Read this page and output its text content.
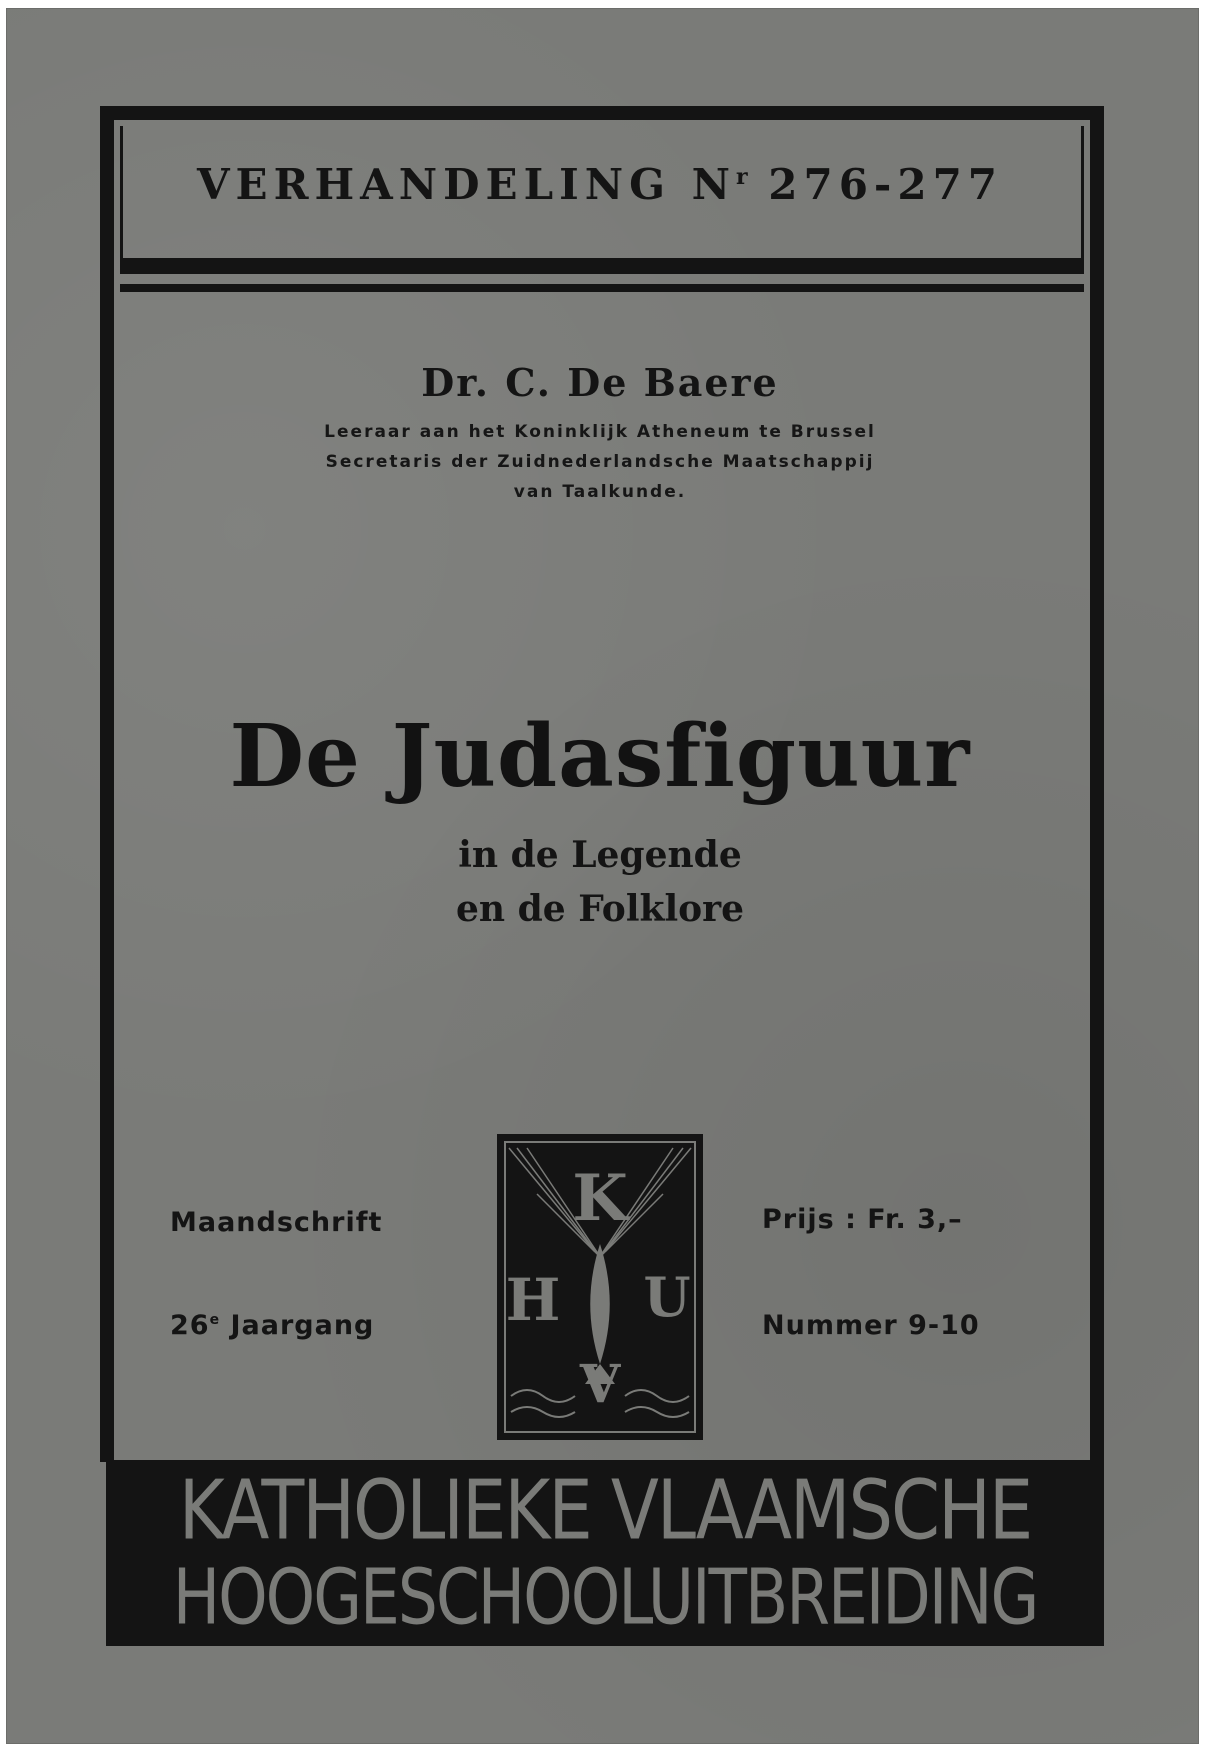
VERHANDELING $N^r$ 276-277
Dr. C. De Baere
Leeraar aan het Koninklijk Atheneum te Brussel
Secretaris der Zuidnederlandsche Maatschappij
van Taalkunde.
De Judasfiguur
in de Legende
en de Folklore
Maandschrift
26e Jaargang
Prijs : Fr. 3,–
Nummer 9-10
K
H U
V
KATHOLIEKE VLAAMSCHE
HOOGESCHOOLUITBREIDING
